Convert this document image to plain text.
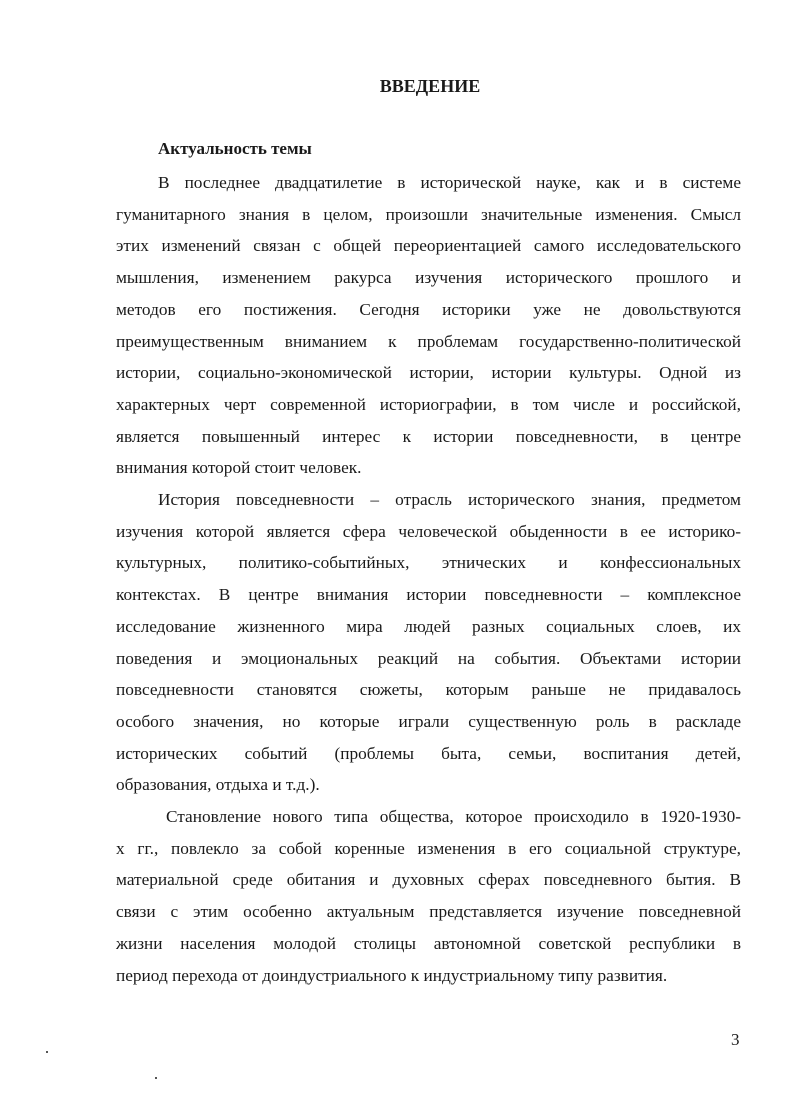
ВВЕДЕНИЕ
Актуальность темы
В последнее двадцатилетие в исторической науке, как и в системе
гуманитарного знания в целом, произошли значительные изменения. Смысл
этих изменений связан с общей переориентацией самого исследовательского
мышления, изменением ракурса изучения исторического прошлого и
методов его постижения. Сегодня историки уже не довольствуются
преимущественным вниманием к проблемам государственно-политической
истории, социально-экономической истории, истории культуры. Одной из
характерных черт современной историографии, в том числе и российской,
является повышенный интерес к истории повседневности, в центре
внимания которой стоит человек.
История повседневности – отрасль исторического знания, предметом
изучения которой является сфера человеческой обыденности в ее историко-
культурных, политико-событийных, этнических и конфессиональных
контекстах. В центре внимания истории повседневности – комплексное
исследование жизненного мира людей разных социальных слоев, их
поведения и эмоциональных реакций на события. Объектами истории
повседневности становятся сюжеты, которым раньше не придавалось
особого значения, но которые играли существенную роль в раскладе
исторических событий (проблемы быта, семьи, воспитания детей,
образования, отдыха и т.д.).
Становление нового типа общества, которое происходило в 1920-1930-
х гг., повлекло за собой коренные изменения в его социальной структуре,
материальной среде обитания и духовных сферах повседневного бытия. В
связи с этим особенно актуальным представляется изучение повседневной
жизни населения молодой столицы автономной советской республики в
период перехода от доиндустриального к индустриальному типу развития.
3
